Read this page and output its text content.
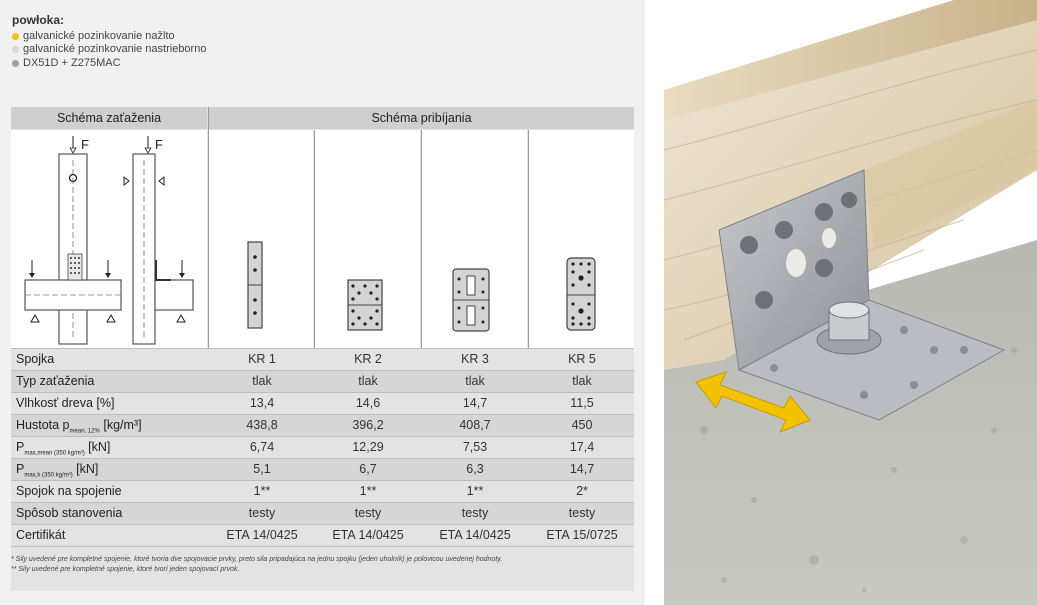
powłoka:
galvanické pozinkovanie nažlto
galvanické pozinkovanie nastrieborno
DX51D + Z275MAC
Schéma zaťaženia	Schéma pribíjania
F	F
Spojka	KR 1	KR 2	KR 3	KR 5
Typ zaťaženia	tlak	tlak	tlak	tlak
Vlhkosť dreva [%]	13,4	14,6	14,7	11,5
Hustota $p_{mean, 12\%}$ [kg/m³]	438,8	396,2	408,7	450
$P_{max,mean (350 kg/m^3)}$ [kN]	6,74	12,29	7,53	17,4
$P_{max,k (350 kg/m^3)}$ [kN]	5,1	6,7	6,3	14,7
Spojok na spojenie	1**	1**	1**	2*
Spôsob stanovenia	testy	testy	testy	testy
Certifikát	ETA 14/0425	ETA 14/0425	ETA 14/0425	ETA 15/0725
* Sily uvedené pre kompletné spojenie, ktoré tvoria dve spojovacie prvky, preto sila pripadajúca na jednu spojku (jeden uholník) je polovicou uvedenej hodnoty.
** Sily uvedené pre kompletné spojenie, ktoré tvorí jeden spojovací prvok.
